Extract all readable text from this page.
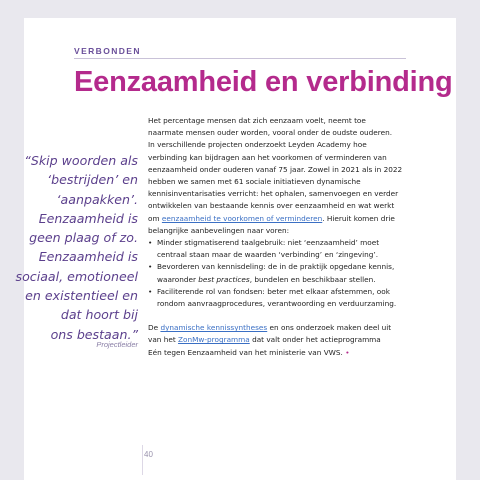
VERBONDEN
Eenzaamheid en verbinding
“Skip woorden als
‘bestrijden’ en
‘aanpakken’.
Eenzaamheid is
geen plaag of zo.
Eenzaamheid is
sociaal, emotioneel
en existentieel en
dat hoort bij
ons bestaan.”
Projectleider

Het percentage mensen dat zich eenzaam voelt, neemt toe
naarmate mensen ouder worden, vooral onder de oudste ouderen.
In verschillende projecten onderzoekt Leyden Academy hoe
verbinding kan bijdragen aan het voorkomen of verminderen van
eenzaamheid onder ouderen vanaf 75 jaar. Zowel in 2021 als in 2022
hebben we samen met 61 sociale initiatieven dynamische
kennisinventarisaties verricht: het ophalen, samenvoegen en verder
ontwikkelen van bestaande kennis over eenzaamheid en wat werkt
om eenzaamheid te voorkomen of verminderen. Hieruit komen drie
belangrijke aanbevelingen naar voren:

• Minder stigmatiserend taalgebruik: niet ‘eenzaamheid’ moet
centraal staan maar de waarden ‘verbinding’ en ‘zingeving’.
• Bevorderen van kennisdeling: de in de praktijk opgedane kennis,
waaronder best practices, bundelen en beschikbaar stellen.
• Faciliterende rol van fondsen: beter met elkaar afstemmen, ook
rondom aanvraagprocedures, verantwoording en verduurzaming.

De dynamische kennissyntheses en ons onderzoek maken deel uit
van het ZonMw-programma dat valt onder het actieprogramma
Eén tegen Eenzaamheid van het ministerie van VWS. •

40
